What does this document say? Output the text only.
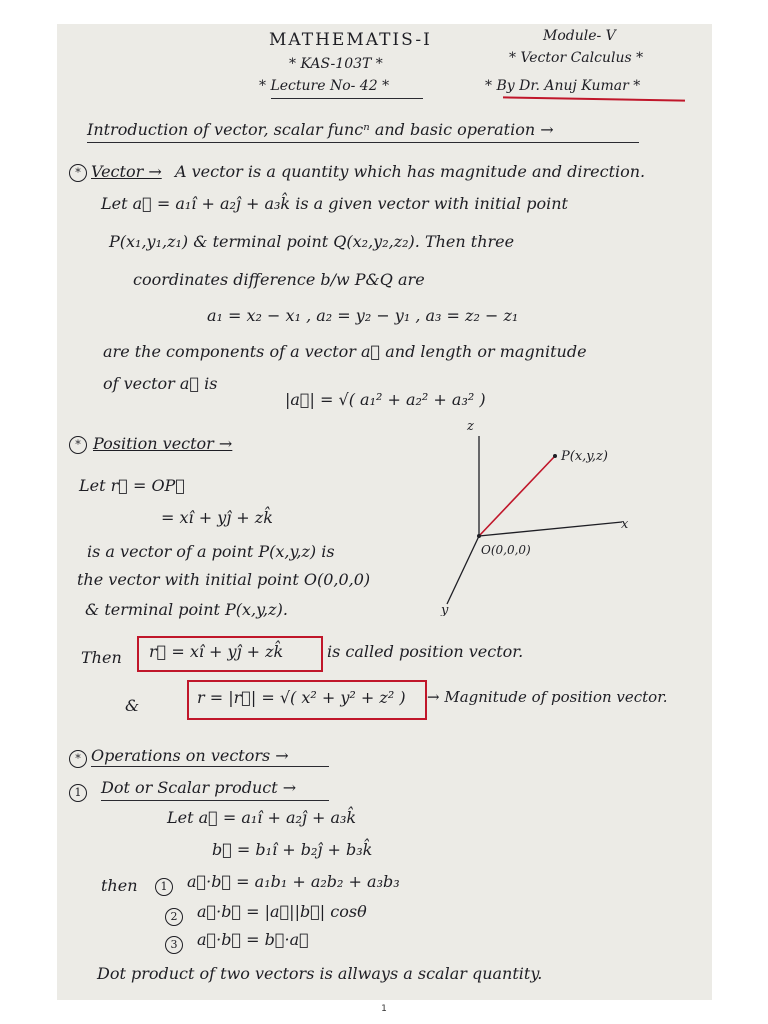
MATHEMATIS-I
* KAS-103T *
* Lecture No- 42 *
Module- V
* Vector Calculus *
* By Dr. Anuj Kumar *
Introduction of vector, scalar funcⁿ and basic operation →
* Vector → A vector is a quantity which has magnitude and direction.
Let a⃗ = a₁î + a₂ĵ + a₃k̂ is a given vector with initial point
P(x₁,y₁,z₁) & terminal point Q(x₂,y₂,z₂). Then three
coordinates difference b/w P&Q are
a₁ = x₂ − x₁ , a₂ = y₂ − y₁ , a₃ = z₂ − z₁
are the components of a vector a⃗ and length or magnitude
of vector a⃗ is
|a⃗| = √( a₁² + a₂² + a₃² )
* Position vector →
Let r⃗ = OP⃗
= xî + yĵ + zk̂
is a vector of a point P(x,y,z) is
the vector with initial point O(0,0,0)
& terminal point P(x,y,z).
z
x
y
P(x,y,z)
O(0,0,0)
Then r⃗ = xî + yĵ + zk̂	is called position vector.
&	r = |r⃗| = √( x² + y² + z² ) → Magnitude of position vector.
* Operations on vectors →
1	Dot or Scalar product →
Let a⃗ = a₁î + a₂ĵ + a₃k̂
b⃗ = b₁î + b₂ĵ + b₃k̂
then	1	a⃗·b⃗ = a₁b₁ + a₂b₂ + a₃b₃
2	a⃗·b⃗ = |a⃗||b⃗| cosθ
3	a⃗·b⃗ = b⃗·a⃗
Dot product of two vectors is allways a scalar quantity.
1
